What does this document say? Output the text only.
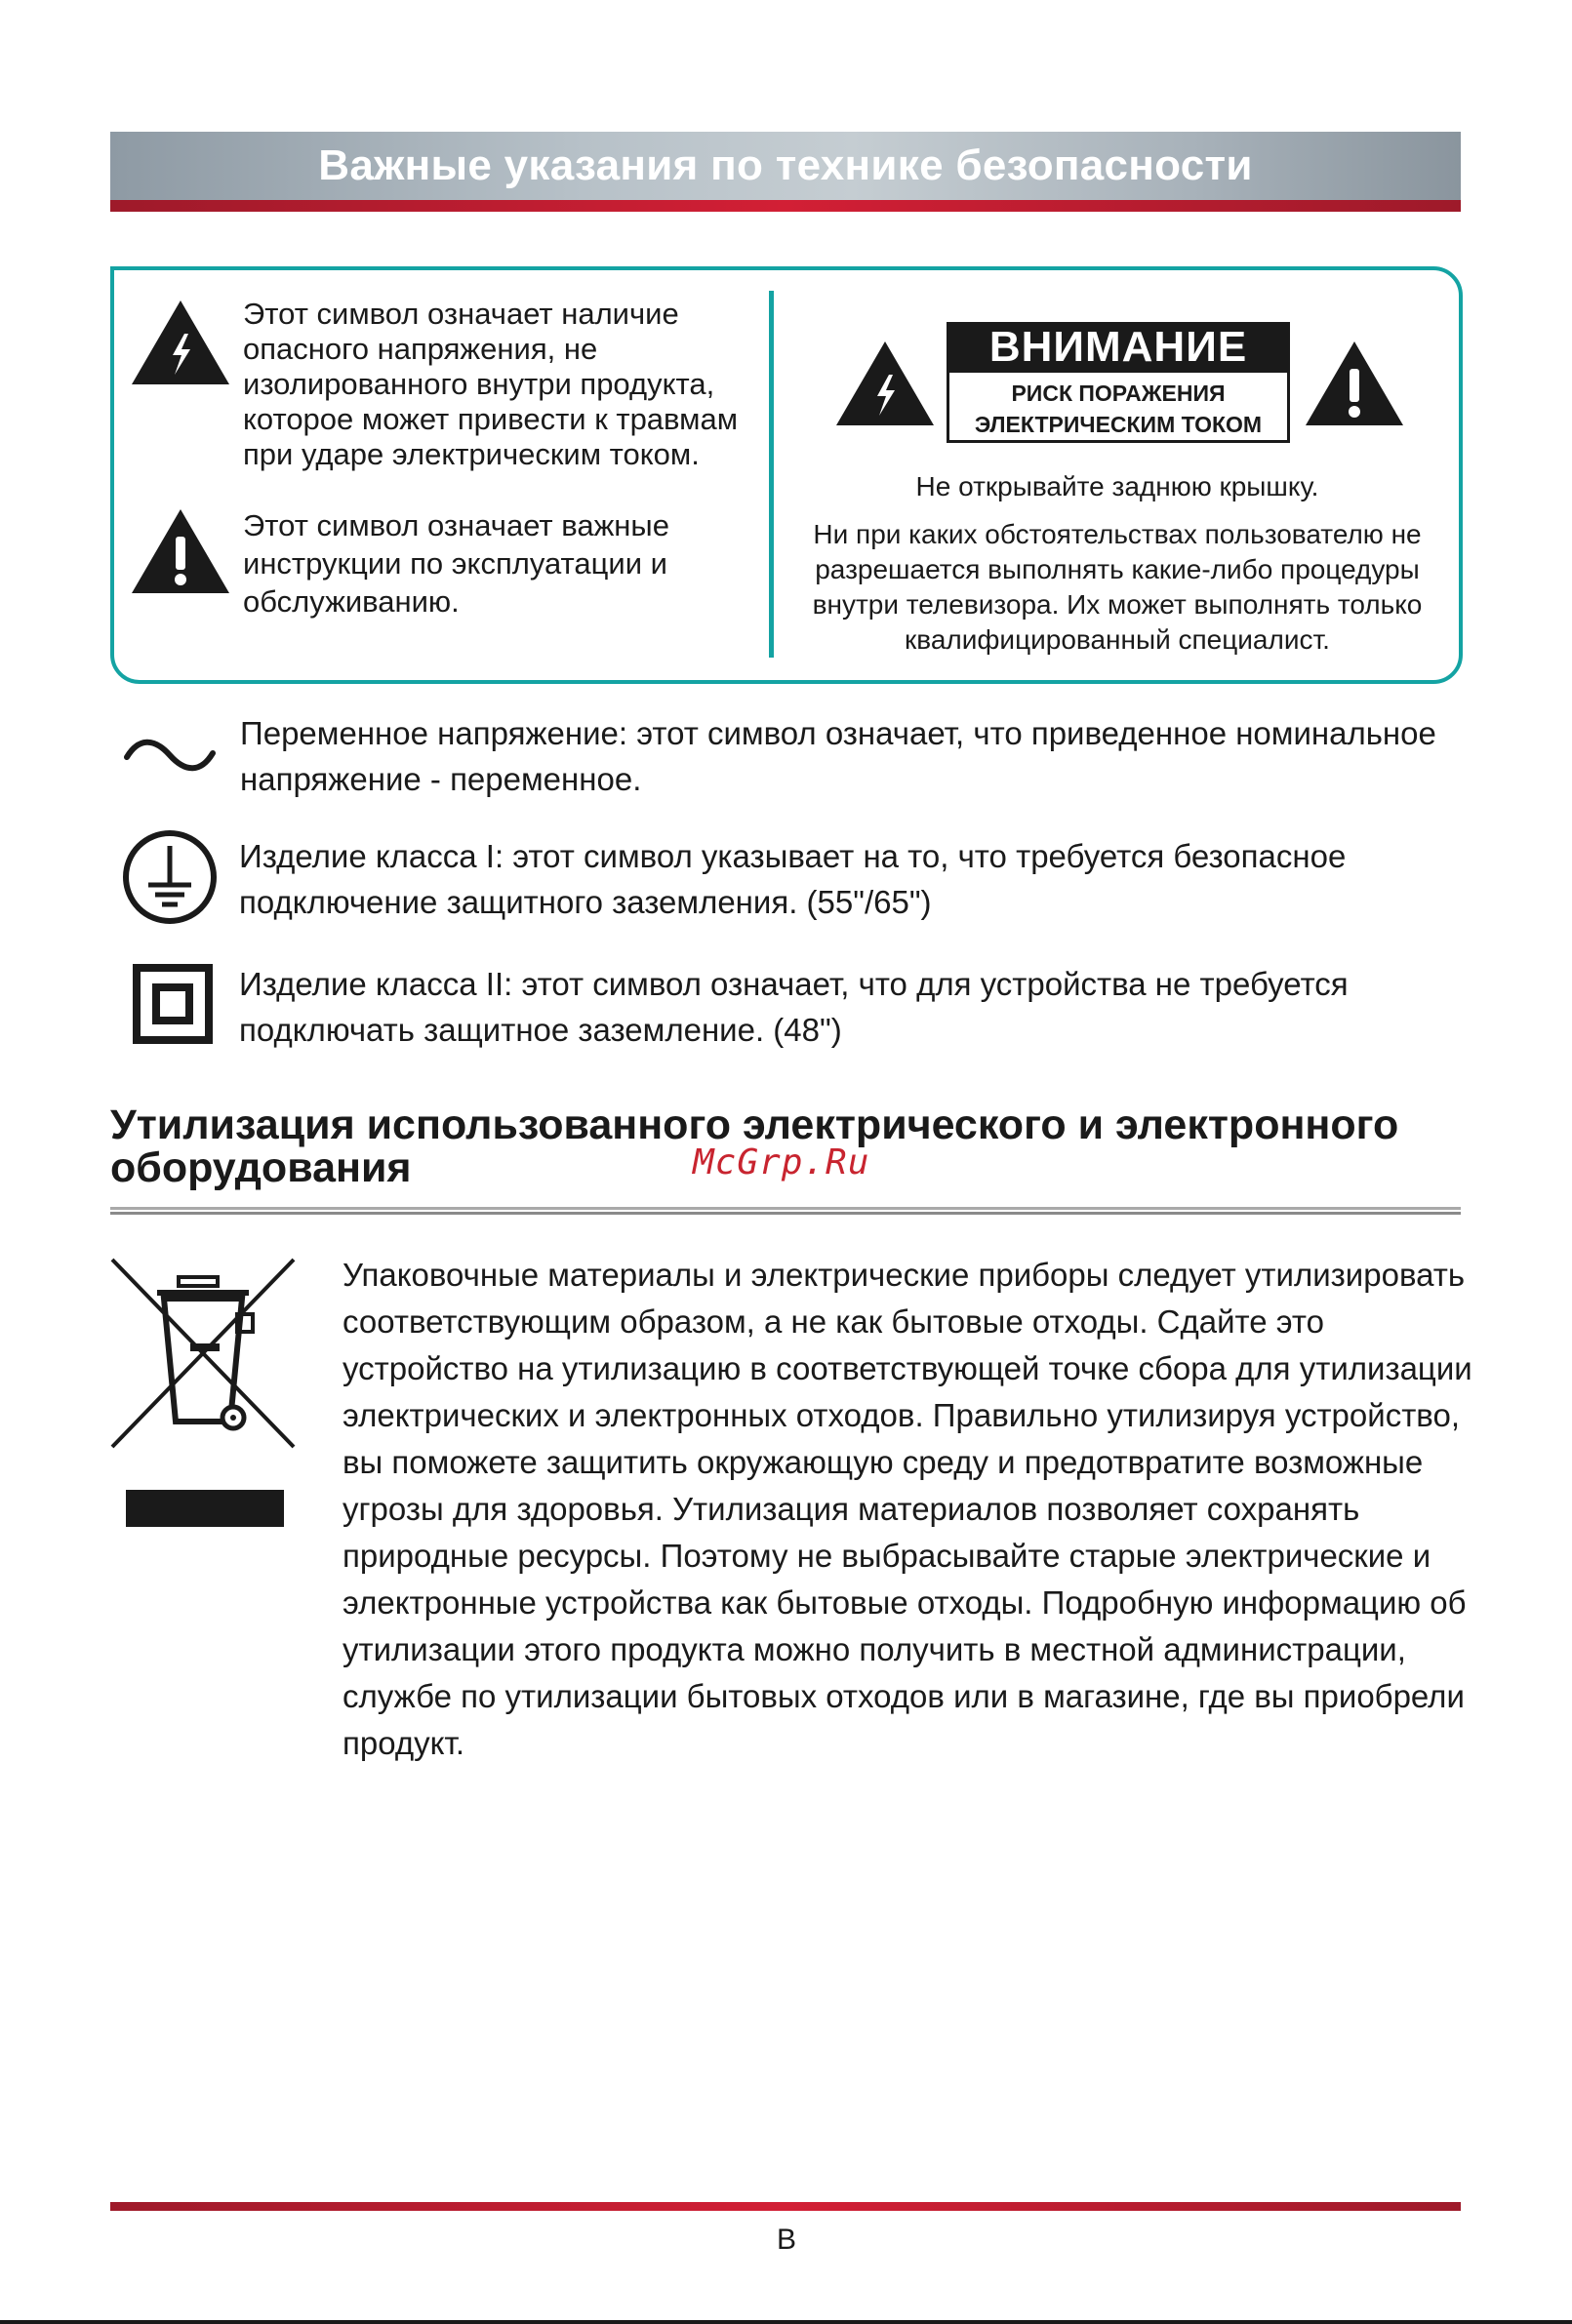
Важные указания по технике безопасности
Этот символ означает наличие опасного напряжения, не изолированного внутри продукта, которое может привести к травмам при ударе электрическим током.
Этот символ означает важные инструкции по эксплуатации и обслуживанию.
ВНИМАНИЕ
РИСК ПОРАЖЕНИЯ ЭЛЕКТРИЧЕСКИМ ТОКОМ
Не открывайте заднюю крышку.
Ни при каких обстоятельствах пользователю не разрешается выполнять какие-либо процедуры внутри телевизора. Их может выполнять только квалифицированный специалист.
Переменное напряжение: этот символ означает, что приведенное номинальное напряжение - переменное.
Изделие класса I: этот символ указывает на то, что требуется безопасное подключение защитного заземления. (55"/65")
Изделие класса II: этот символ означает, что для устройства не требуется подключать защитное заземление. (48")
Утилизация использованного электрического и электронного оборудования	McGrp.Ru
Упаковочные материалы и электрические приборы следует утилизировать соответствующим образом, а не как бытовые отходы. Сдайте это устройство на утилизацию в соответствующей точке сбора для утилизации электрических и электронных отходов. Правильно утилизируя устройство, вы поможете защитить окружающую среду и предотвратите возможные угрозы для здоровья. Утилизация материалов позволяет сохранять природные ресурсы. Поэтому не выбрасывайте старые электрические и электронные устройства как бытовые отходы. Подробную информацию об утилизации этого продукта можно получить в местной администрации, службе по утилизации бытовых отходов или в магазине, где вы приобрели продукт.
В
